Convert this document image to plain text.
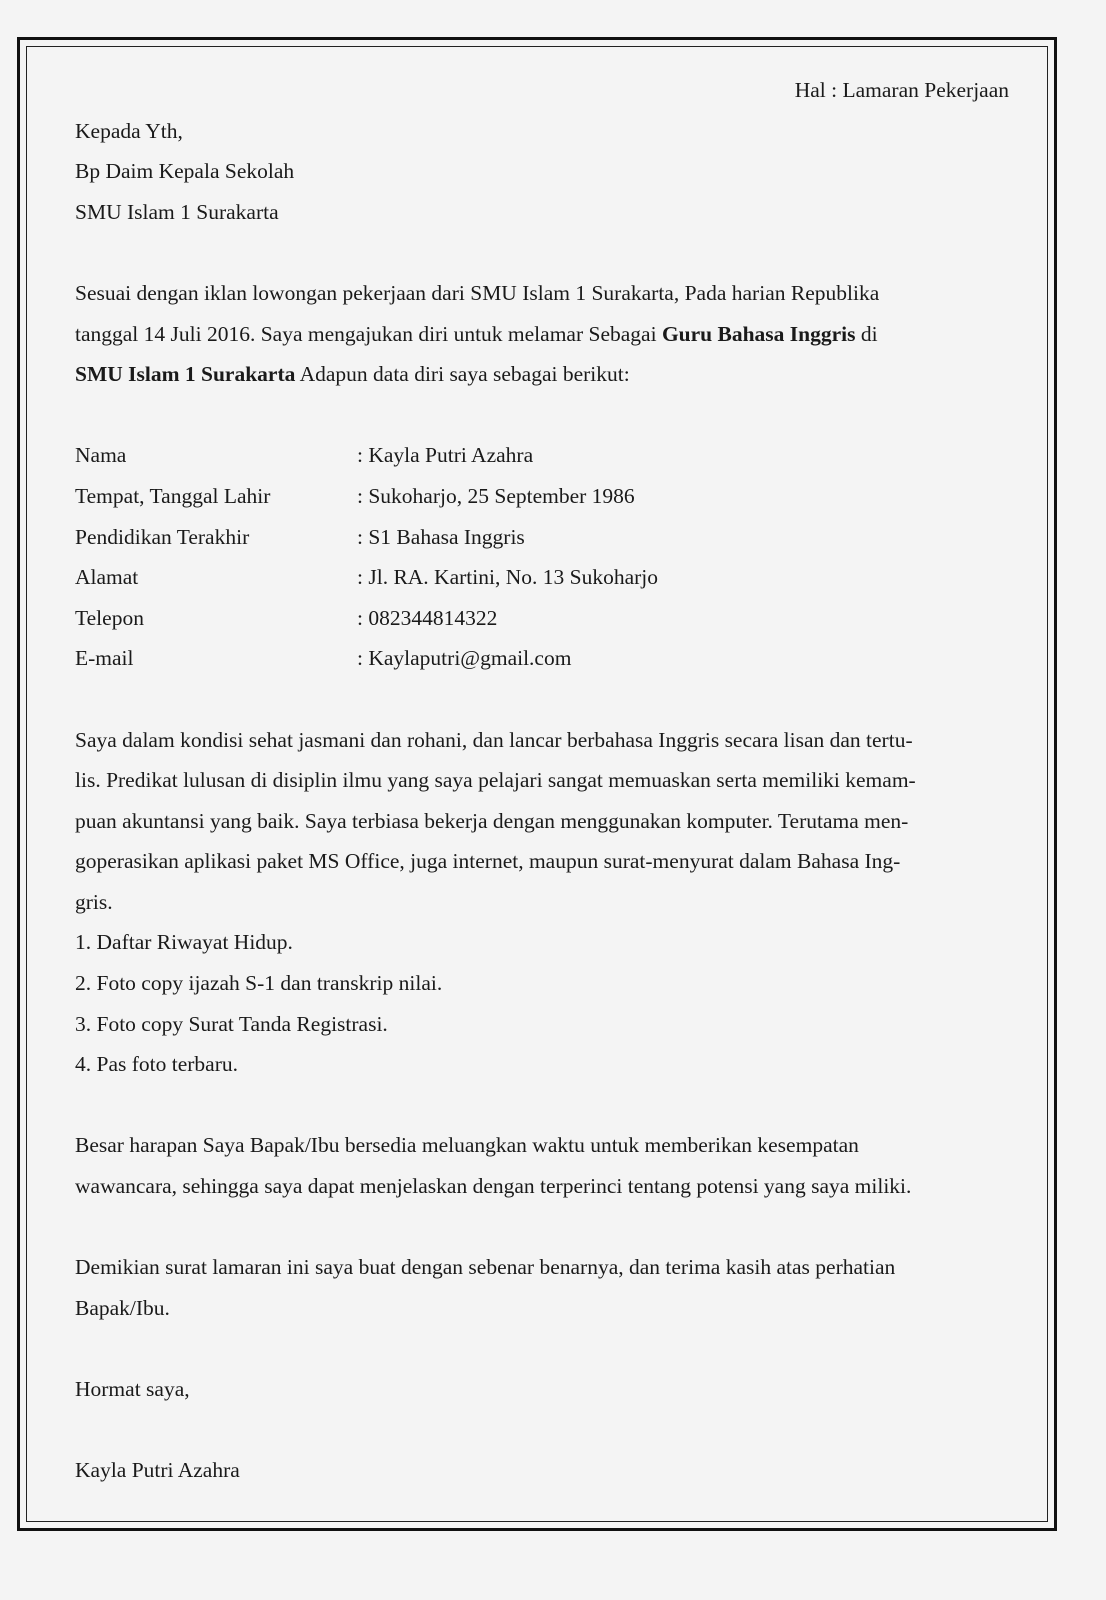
Hal : Lamaran Pekerjaan
Kepada Yth,
Bp Daim Kepala Sekolah
SMU Islam 1 Surakarta
Sesuai dengan iklan lowongan pekerjaan dari SMU Islam 1 Surakarta, Pada harian Republika
tanggal 14 Juli 2016. Saya mengajukan diri untuk melamar Sebagai Guru Bahasa Inggris di
SMU Islam 1 Surakarta Adapun data diri saya sebagai berikut:
Nama	: Kayla Putri Azahra
Tempat, Tanggal Lahir	: Sukoharjo, 25 September 1986
Pendidikan Terakhir	: S1 Bahasa Inggris
Alamat	: Jl. RA. Kartini, No. 13 Sukoharjo
Telepon	: 082344814322
E-mail	: Kaylaputri@gmail.com
Saya dalam kondisi sehat jasmani dan rohani, dan lancar berbahasa Inggris secara lisan dan tertu-
lis. Predikat lulusan di disiplin ilmu yang saya pelajari sangat memuaskan serta memiliki kemam-
puan akuntansi yang baik. Saya terbiasa bekerja dengan menggunakan komputer. Terutama men-
goperasikan aplikasi paket MS Office, juga internet, maupun surat-menyurat dalam Bahasa Ing-
gris.
1. Daftar Riwayat Hidup.
2. Foto copy ijazah S-1 dan transkrip nilai.
3. Foto copy Surat Tanda Registrasi.
4. Pas foto terbaru.
Besar harapan Saya Bapak/Ibu bersedia meluangkan waktu untuk memberikan kesempatan
wawancara, sehingga saya dapat menjelaskan dengan terperinci tentang potensi yang saya miliki.
Demikian surat lamaran ini saya buat dengan sebenar benarnya, dan terima kasih atas perhatian
Bapak/Ibu.
Hormat saya,
Kayla Putri Azahra
